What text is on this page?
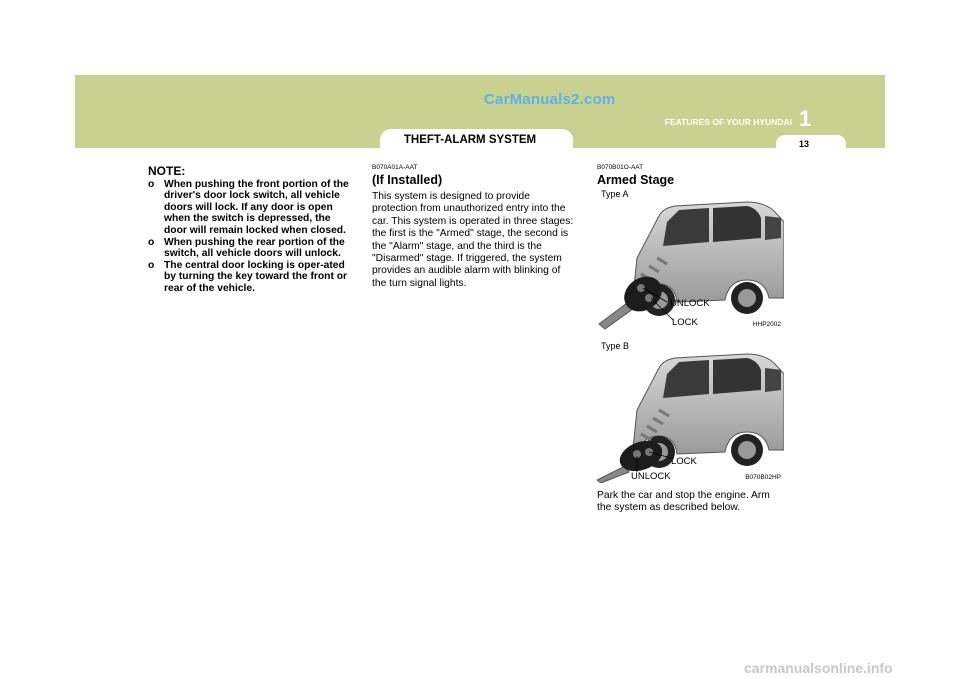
CarManuals2.com
1
FEATURES OF YOUR HYUNDAI
13
THEFT-ALARM SYSTEM
NOTE:
o When pushing the front portion of the driver's door lock switch, all vehicle doors will lock. If any door is open when the switch is depressed, the door will remain locked when closed.
o When pushing the rear portion of the switch, all vehicle doors will unlock.
o The central door locking is oper-ated by turning the key toward the front or rear of the vehicle.
B070A01A-AAT
(If Installed)
This system is designed to provide protection from unauthorized entry into the car. This system is operated in three stages: the first is the "Armed" stage, the second is the "Alarm" stage, and the third is the "Disarmed" stage. If triggered, the system provides an audible alarm with blinking of the turn signal lights.
B070B01O-AAT
Armed Stage
Type A
UNLOCK
LOCK	HHP2002
Type B
LOCK
UNLOCK	B070B02HP
Park the car and stop the engine. Arm the system as described below.
carmanualsonline.info
